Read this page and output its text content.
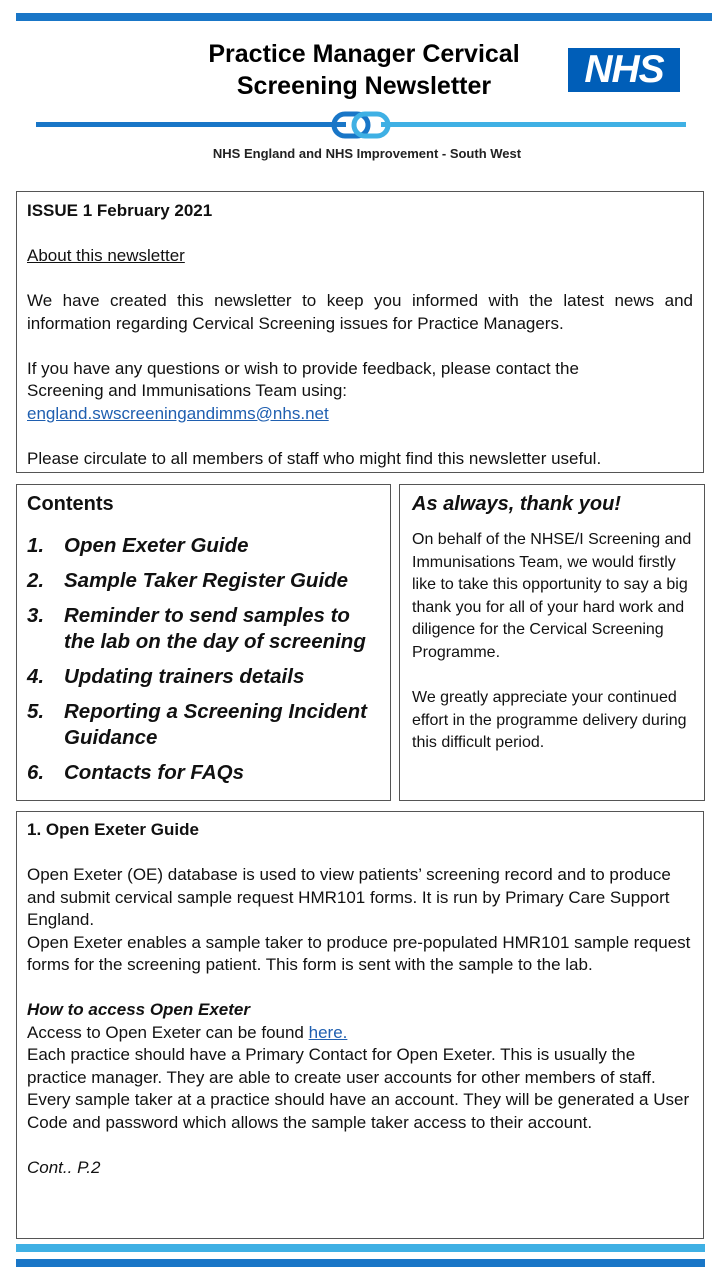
Practice Manager Cervical
Screening Newsletter	NHS
NHS England and NHS Improvement - South West

ISSUE 1 February 2021

About this newsletter

We have created this newsletter to keep you informed with the latest news and information regarding Cervical Screening issues for Practice Managers.

If you have any questions or wish to provide feedback, please contact the

Screening and Immunisations Team using:

england.swscreeningandimms@nhs.net

Please circulate to all members of staff who might find this newsletter useful.

Contents
1. Open Exeter Guide
2. Sample Taker Register Guide
3. Reminder to send samples to the lab on the day of screening
4. Updating trainers details
5. Reporting a Screening Incident Guidance
6. Contacts for FAQs
As always, thank you!

On behalf of the NHSE/I Screening and Immunisations Team, we would firstly like to take this opportunity to say a big thank you for all of your hard work and diligence for the Cervical Screening Programme.

We greatly appreciate your continued effort in the programme delivery during this difficult period.

1. Open Exeter Guide

Open Exeter (OE) database is used to view patients’ screening record and to produce and submit cervical sample request HMR101 forms. It is run by Primary Care Support England.

Open Exeter enables a sample taker to produce pre-populated HMR101 sample request forms for the screening patient. This form is sent with the sample to the lab.

How to access Open Exeter

Access to Open Exeter can be found here.

Each practice should have a Primary Contact for Open Exeter. This is usually the practice manager. They are able to create user accounts for other members of staff. Every sample taker at a practice should have an account. They will be generated a User Code and password which allows the sample taker access to their account.

Cont.. P.2
